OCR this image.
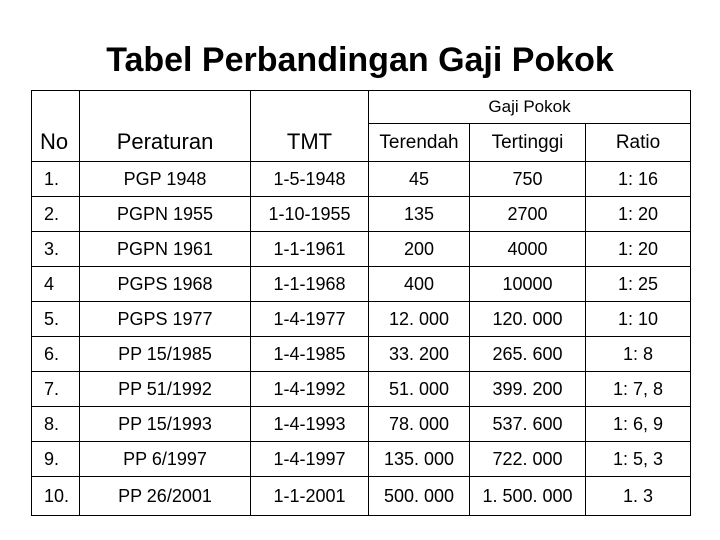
Tabel Perbandingan Gaji Pokok
			Gaji Pokok		
No	Peraturan	TMT	Terendah	Tertinggi	Ratio
1.	PGP 1948	1-5-1948	45	750	1: 16
2.	PGPN 1955	1-10-1955	135	2700	1: 20
3.	PGPN 1961	1-1-1961	200	4000	1: 20
4	PGPS 1968	1-1-1968	400	10000	1: 25
5.	PGPS 1977	1-4-1977	12. 000	120. 000	1: 10
6.	PP 15/1985	1-4-1985	33. 200	265. 600	1: 8
7.	PP 51/1992	1-4-1992	51. 000	399. 200	1: 7, 8
8.	PP 15/1993	1-4-1993	78. 000	537. 600	1: 6, 9
9.	PP 6/1997	1-4-1997	135. 000	722. 000	1: 5, 3
10.	PP 26/2001	1-1-2001	500. 000	1. 500. 000	1. 3
